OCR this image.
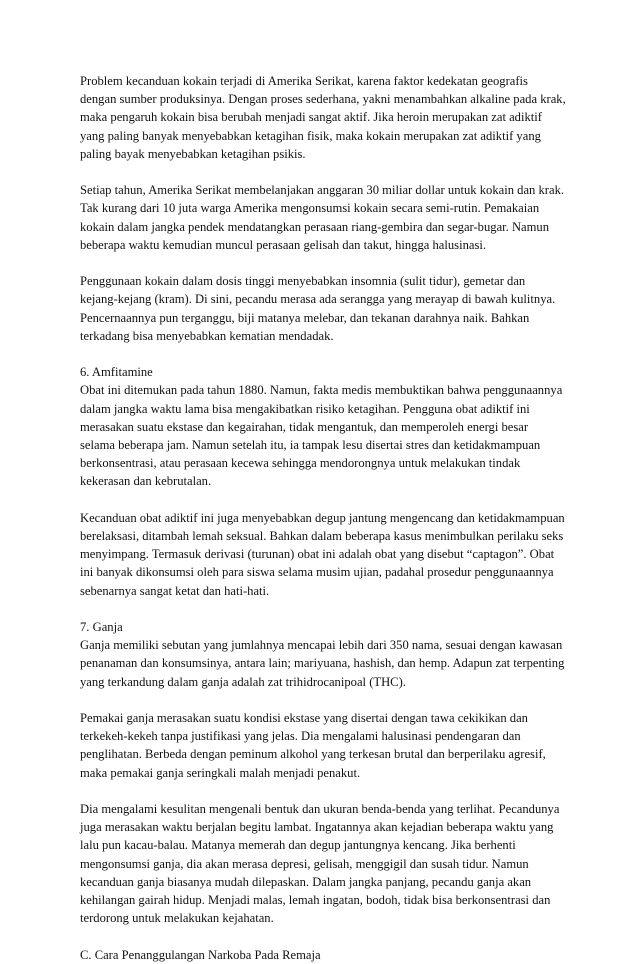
Problem kecanduan kokain terjadi di Amerika Serikat, karena faktor kedekatan geografis dengan sumber produksinya. Dengan proses sederhana, yakni menambahkan alkaline pada krak, maka pengaruh kokain bisa berubah menjadi sangat aktif. Jika heroin merupakan zat adiktif yang paling banyak menyebabkan ketagihan fisik, maka kokain merupakan zat adiktif yang paling bayak menyebabkan ketagihan psikis.

Setiap tahun, Amerika Serikat membelanjakan anggaran 30 miliar dollar untuk kokain dan krak. Tak kurang dari 10 juta warga Amerika mengonsumsi kokain secara semi-rutin. Pemakaian kokain dalam jangka pendek mendatangkan perasaan riang-gembira dan segar-bugar. Namun beberapa waktu kemudian muncul perasaan gelisah dan takut, hingga halusinasi.

Penggunaan kokain dalam dosis tinggi menyebabkan insomnia (sulit tidur), gemetar dan kejang-kejang (kram). Di sini, pecandu merasa ada serangga yang merayap di bawah kulitnya. Pencernaannya pun terganggu, biji matanya melebar, dan tekanan darahnya naik. Bahkan terkadang bisa menyebabkan kematian mendadak.

6. Amfitamine

Obat ini ditemukan pada tahun 1880. Namun, fakta medis membuktikan bahwa penggunaannya dalam jangka waktu lama bisa mengakibatkan risiko ketagihan. Pengguna obat adiktif ini merasakan suatu ekstase dan kegairahan, tidak mengantuk, dan memperoleh energi besar selama beberapa jam. Namun setelah itu, ia tampak lesu disertai stres dan ketidakmampuan berkonsentrasi, atau perasaan kecewa sehingga mendorongnya untuk melakukan tindak kekerasan dan kebrutalan.

Kecanduan obat adiktif ini juga menyebabkan degup jantung mengencang dan ketidakmampuan berelaksasi, ditambah lemah seksual. Bahkan dalam beberapa kasus menimbulkan perilaku seks menyimpang. Termasuk derivasi (turunan) obat ini adalah obat yang disebut “captagon”. Obat ini banyak dikonsumsi oleh para siswa selama musim ujian, padahal prosedur penggunaannya sebenarnya sangat ketat dan hati-hati.

7. Ganja

Ganja memiliki sebutan yang jumlahnya mencapai lebih dari 350 nama, sesuai dengan kawasan penanaman dan konsumsinya, antara lain; mariyuana, hashish, dan hemp. Adapun zat terpenting yang terkandung dalam ganja adalah zat trihidrocanipoal (THC).

Pemakai ganja merasakan suatu kondisi ekstase yang disertai dengan tawa cekikikan dan terkekeh-kekeh tanpa justifikasi yang jelas. Dia mengalami halusinasi pendengaran dan penglihatan. Berbeda dengan peminum alkohol yang terkesan brutal dan berperilaku agresif, maka pemakai ganja seringkali malah menjadi penakut.

Dia mengalami kesulitan mengenali bentuk dan ukuran benda-benda yang terlihat. Pecandunya juga merasakan waktu berjalan begitu lambat. Ingatannya akan kejadian beberapa waktu yang lalu pun kacau-balau. Matanya memerah dan degup jantungnya kencang. Jika berhenti mengonsumsi ganja, dia akan merasa depresi, gelisah, menggigil dan susah tidur. Namun kecanduan ganja biasanya mudah dilepaskan. Dalam jangka panjang, pecandu ganja akan kehilangan gairah hidup. Menjadi malas, lemah ingatan, bodoh, tidak bisa berkonsentrasi dan terdorong untuk melakukan kejahatan.

C. Cara Penanggulangan Narkoba Pada Remaja
